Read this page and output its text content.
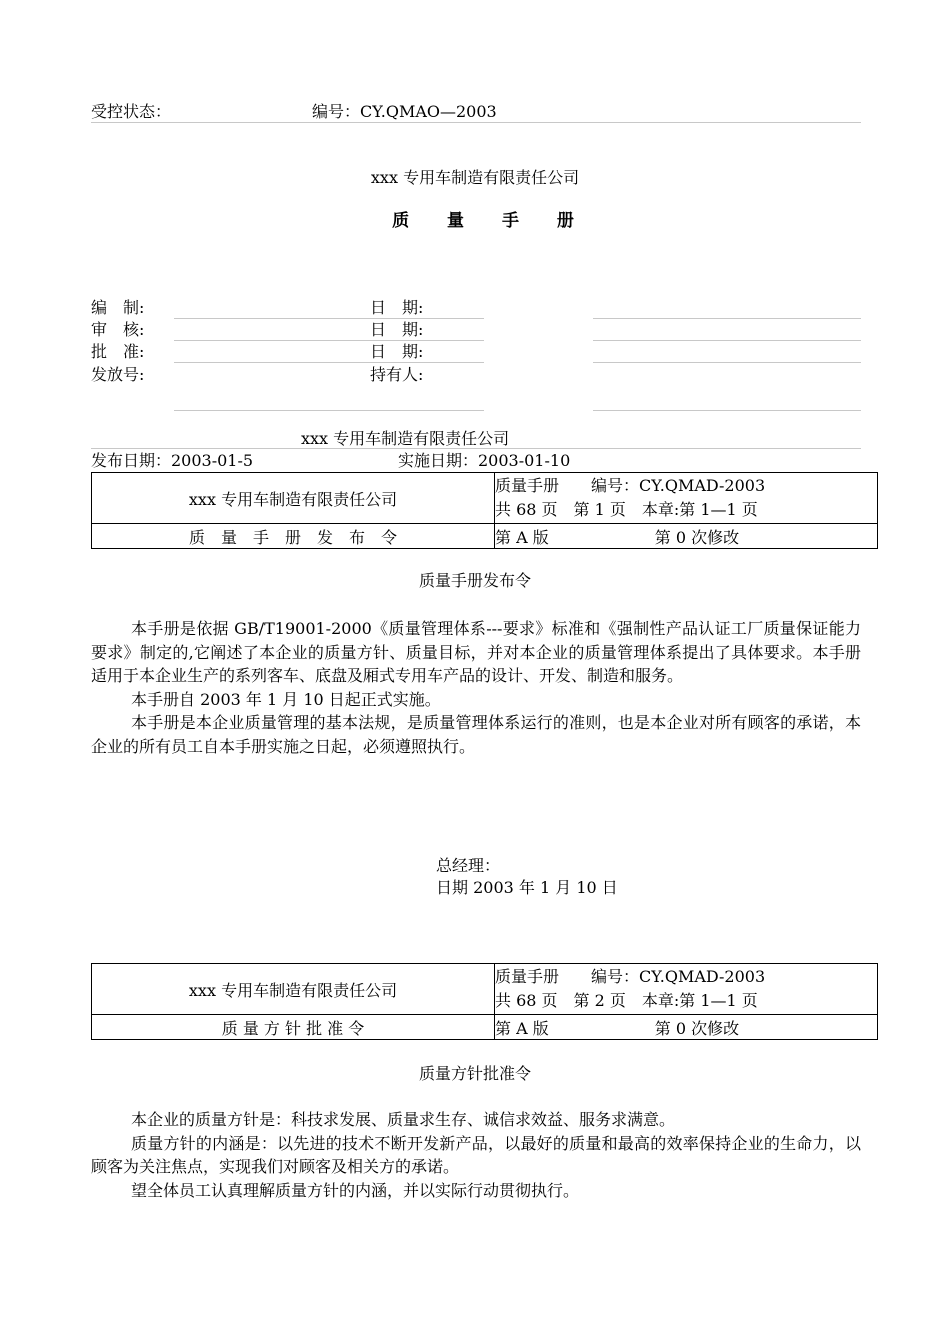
受控状态：	编号：CY.QMAO—2003
xxx 专用车制造有限责任公司
质 量 手 册
编　制:	日　期:
审　核:	日　期:
批　准:	日　期:
发放号:	持有人:
xxx 专用车制造有限责任公司
发布日期：2003-01-5	实施日期：2003-01-10
xxx 专用车制造有限责任公司	质量手册　　编号：CY.QMAD-2003
共 68 页　第 1 页　本章:第 1—1 页

质　量　手　册　发　布　令	第 A 版 第 0 次修改
质量手册发布令

本手册是依据 GB/T19001-2000《质量管理体系---要求》标准和《强制性产品认证工厂质量保证能力要求》制定的,它阐述了本企业的质量方针、质量目标，并对本企业的质量管理体系提出了具体要求。本手册适用于本企业生产的系列客车、底盘及厢式专用车产品的设计、开发、制造和服务。

本手册自 2003 年 1 月 10 日起正式实施。

本手册是本企业质量管理的基本法规，是质量管理体系运行的准则，也是本企业对所有顾客的承诺，本企业的所有员工自本手册实施之日起，必须遵照执行。

总经理：
日期 2003 年 1 月 10 日
xxx 专用车制造有限责任公司	质量手册　　编号：CY.QMAD-2003
共 68 页　第 2 页　本章:第 1—1 页

质 量 方 针 批 准 令	第 A 版 第 0 次修改
质量方针批准令

本企业的质量方针是：科技求发展、质量求生存、诚信求效益、服务求满意。

质量方针的内涵是：以先进的技术不断开发新产品，以最好的质量和最高的效率保持企业的生命力，以顾客为关注焦点，实现我们对顾客及相关方的承诺。

望全体员工认真理解质量方针的内涵，并以实际行动贯彻执行。
